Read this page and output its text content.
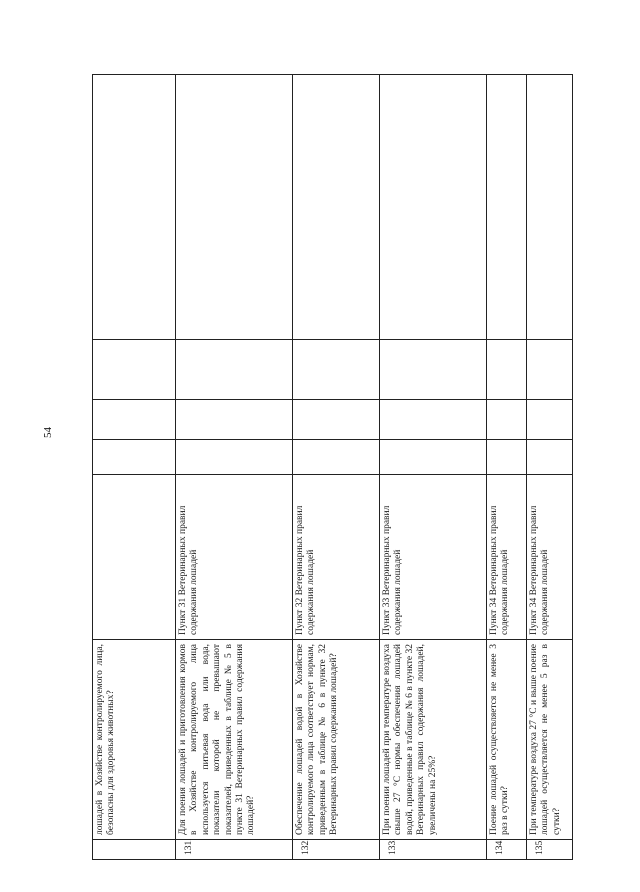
54
	лошадей в Хозяйстве контролируемого лица, безопасны для здоровья животных?					
131.	Для поения лошадей и приготовления кормов в Хозяйстве контролируемого лица используется питьевая вода или вода, показатели которой не превышают показателей, приведенных в таблице № 5 в пункте 31 Ветеринарных правил содержания лошадей?	Пункт 31 Ветеринарных правил содержания лошадей				
132.	Обеспечение лошадей водой в Хозяйстве контролируемого лица соответствует нормам, приведенным в таблице № 6 в пункте 32 Ветеринарных правил содержания лошадей?	Пункт 32 Ветеринарных правил содержания лошадей				
133.	При поении лошадей при температуре воздуха свыше 27 °С нормы обеспечения лошадей водой, приведенные в таблице № 6 в пункте 32 Ветеринарных правил содержания лошадей, увеличены на 25%?	Пункт 33 Ветеринарных правил содержания лошадей				
134.	Поение лошадей осуществляется не менее 3 раз в сутки?	Пункт 34 Ветеринарных правил содержания лошадей				
135.	При температуре воздуха 27 °С и выше поение лошадей осуществляется не менее 5 раз в сутки?	Пункт 34 Ветеринарных правил содержания лошадей				
